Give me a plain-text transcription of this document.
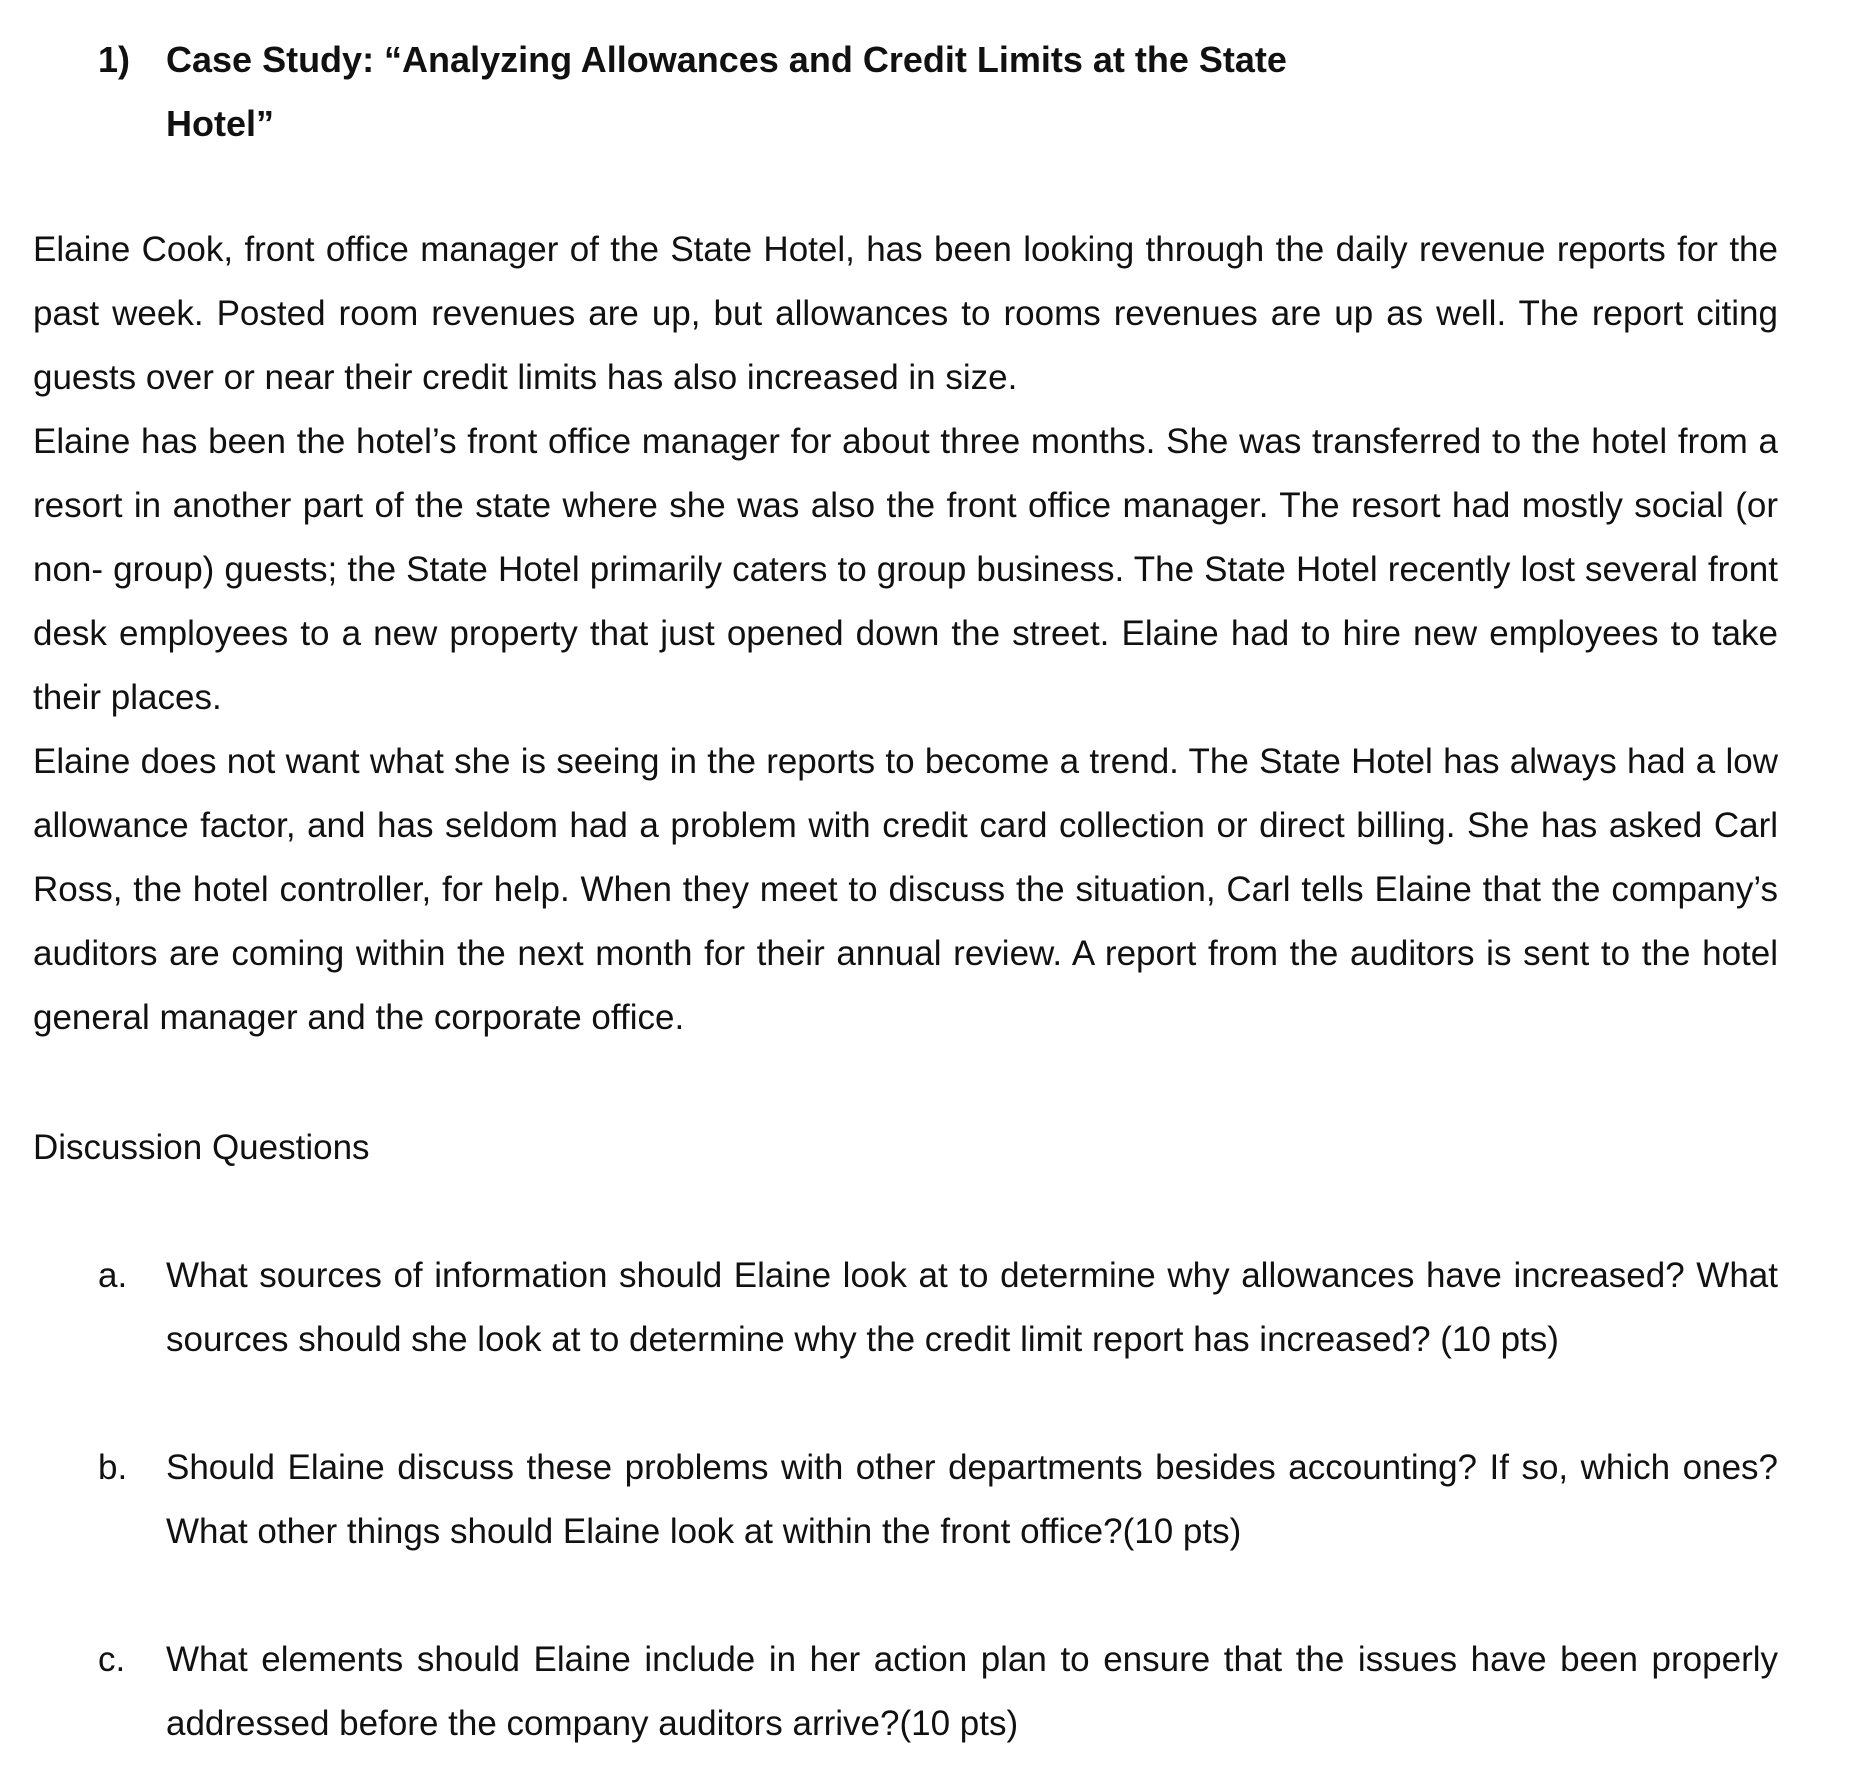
1) Case Study: “Analyzing Allowances and Credit Limits at the State Hotel”

Elaine Cook, front office manager of the State Hotel, has been looking through the daily revenue reports for the past week. Posted room revenues are up, but allowances to rooms revenues are up as well. The report citing guests over or near their credit limits has also increased in size.

Elaine has been the hotel’s front office manager for about three months. She was transferred to the hotel from a resort in another part of the state where she was also the front office manager. The resort had mostly social (or non- group) guests; the State Hotel primarily caters to group business. The State Hotel recently lost several front desk employees to a new property that just opened down the street. Elaine had to hire new employees to take their places.

Elaine does not want what she is seeing in the reports to become a trend. The State Hotel has always had a low allowance factor, and has seldom had a problem with credit card collection or direct billing. She has asked Carl Ross, the hotel controller, for help. When they meet to discuss the situation, Carl tells Elaine that the company’s auditors are coming within the next month for their annual review. A report from the auditors is sent to the hotel general manager and the corporate office.

Discussion Questions
a.	What sources of information should Elaine look at to determine why allowances have increased? What sources should she look at to determine why the credit limit report has increased? (10 pts)
b.	Should Elaine discuss these problems with other departments besides accounting? If so, which ones? What other things should Elaine look at within the front office?(10 pts)
c.	What elements should Elaine include in her action plan to ensure that the issues have been properly addressed before the company auditors arrive?(10 pts)
